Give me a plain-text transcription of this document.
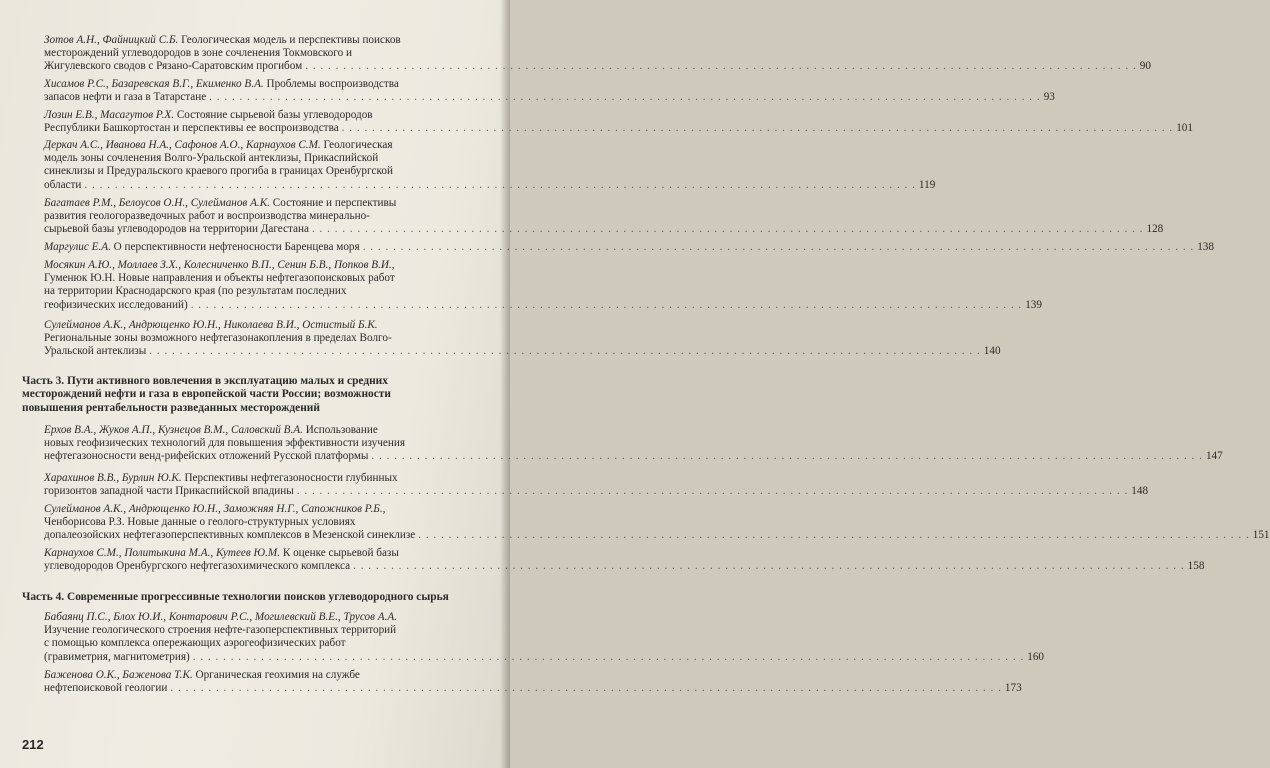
Зотов А.Н., Файницкий С.Б. Геологическая модель и перспективы поисков
месторождений углеводородов в зоне сочленения Токмовского и
Жигулевского сводов с Рязано-Саратовским прогибом . . .	90
Хисамов Р.С., Базаревская В.Г., Екименко В.А. Проблемы воспроизводства
запасов нефти и газа в Татарстане . . .	93
Лозин Е.В., Масагутов Р.Х. Состояние сырьевой базы углеводородов
Республики Башкортостан и перспективы ее воспроизводства . . .	101
Деркач А.С., Иванова Н.А., Сафонов А.О., Карнаухов С.М. Геологическая
модель зоны сочленения Волго-Уральской антеклизы, Прикаспийской
синеклизы и Предуральского краевого прогиба в границах Оренбургской
области . . .	119
Багатаев Р.М., Белоусов О.Н., Сулейманов А.К. Состояние и перспективы
развития геологоразведочных работ и воспроизводства минерально-
сырьевой базы углеводородов на территории Дагестана . . .	128
Маргулис Е.А. О перспективности нефтеносности Баренцева моря . . .	138
Мосякин А.Ю., Моллаев З.Х., Колесниченко В.П., Сенин Б.В., Попков В.И.,
Гуменюк Ю.Н. Новые направления и объекты нефтегазопоисковых работ
на территории Краснодарского края (по результатам последних
геофизических исследований) . . .	139
Сулейманов А.К., Андрющенко Ю.Н., Николаева В.И., Остистый Б.К.
Региональные зоны возможного нефтегазонакопления в пределах Волго-
Уральской антеклизы . . .	140
Часть 3. Пути активного вовлечения в эксплуатацию малых и средних
месторождений нефти и газа в европейской части России; возможности
повышения рентабельности разведанных месторождений
Ерхов В.А., Жуков А.П., Кузнецов В.М., Саловский В.А. Использование
новых геофизических технологий для повышения эффективности изучения
нефтегазоносности венд-рифейских отложений Русской платформы . . .	147
Харахинов В.В., Бурлин Ю.К. Перспективы нефтегазоносности глубинных
горизонтов западной части Прикаспийской впадины . . .	148
Сулейманов А.К., Андрющенко Ю.Н., Заможняя Н.Г., Сапожников Р.Б.,
Ченборисова Р.З. Новые данные о геолого-структурных условиях
допалеозойских нефтегазоперспективных комплексов в Мезенской синеклизе . . .	151
Карнаухов С.М., Политыкина М.А., Кутеев Ю.М. К оценке сырьевой базы
углеводородов Оренбургского нефтегазохимического комплекса . . .	158
Часть 4. Современные прогрессивные технологии поисков углеводородного сырья
Бабаянц П.С., Блох Ю.И., Контарович Р.С., Могилевский В.Е., Трусов А.А.
Изучение геологического строения нефте-газоперспективных территорий
с помощью комплекса опережающих аэрогеофизических работ
(гравиметрия, магнитометрия) . . .	160
Баженова О.К., Баженова Т.К. Органическая геохимия на службе
нефтепоисковой геологии . . .	173
212
